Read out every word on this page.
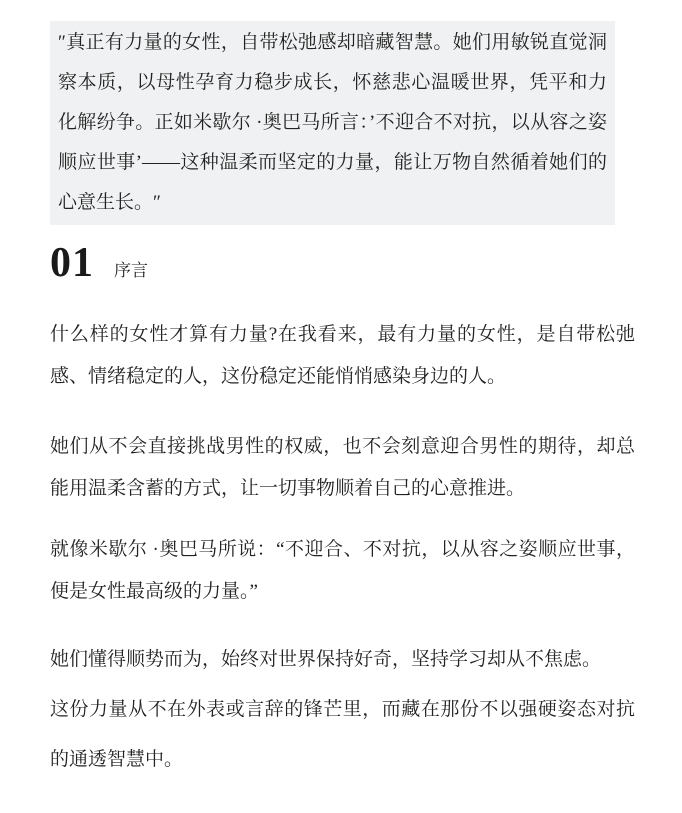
″真正有力量的女性，自带松弛感却暗藏智慧。她们用敏锐直觉洞察本质，以母性孕育力稳步成长，怀慈悲心温暖世界，凭平和力化解纷争。正如米歇尔 ·奥巴马所言：’不迎合不对抗，以从容之姿顺应世事’——这种温柔而坚定的力量，能让万物自然循着她们的心意生长。″
01 序言

什么样的女性才算有力量?在我看来，最有力量的女性，是自带松弛感、情绪稳定的人，这份稳定还能悄悄感染身边的人。

她们从不会直接挑战男性的权威，也不会刻意迎合男性的期待，却总能用温柔含蓄的方式，让一切事物顺着自己的心意推进。

就像米歇尔 ·奥巴马所说：“不迎合、不对抗，以从容之姿顺应世事，便是女性最高级的力量。”

她们懂得顺势而为，始终对世界保持好奇，坚持学习却从不焦虑。

这份力量从不在外表或言辞的锋芒里，而藏在那份不以强硬姿态对抗的通透智慧中。
